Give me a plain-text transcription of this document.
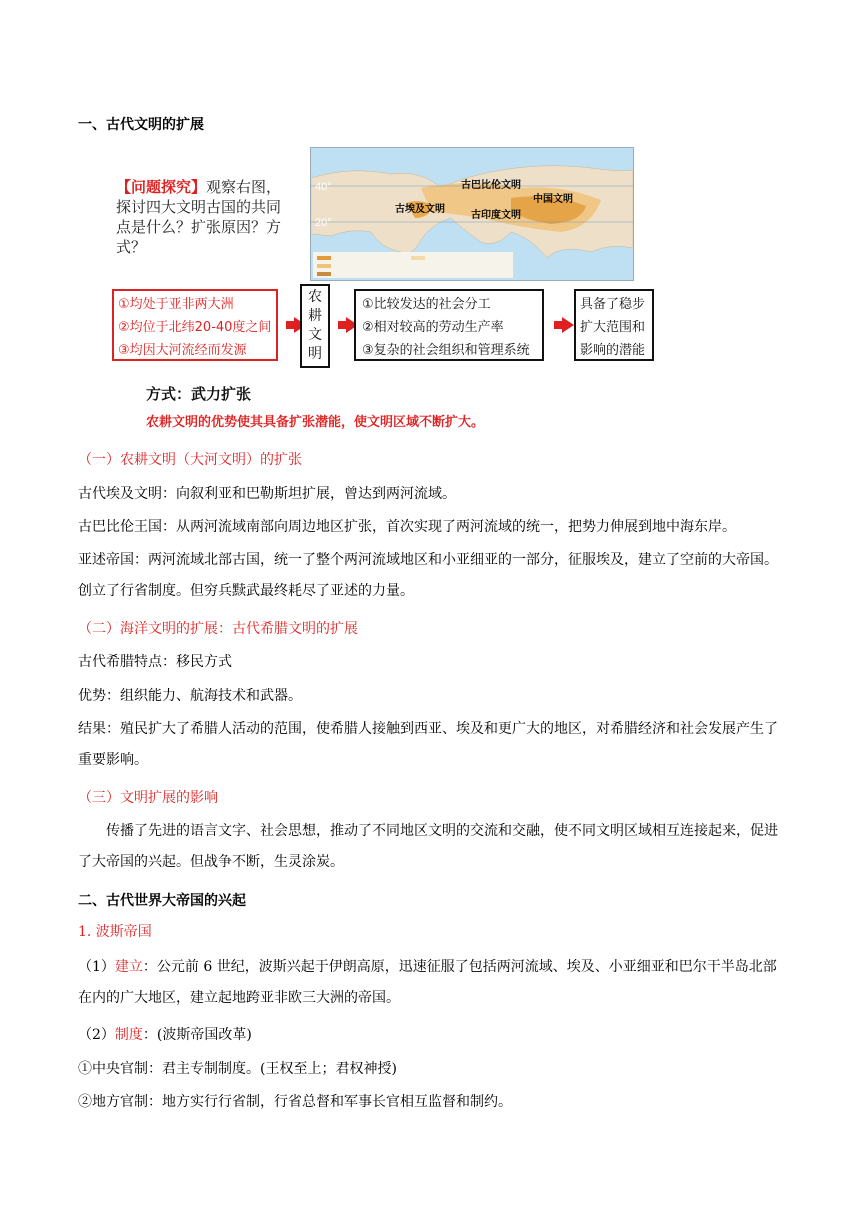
一、古代文明的扩展
【问题探究】观察右图，探讨四大文明古国的共同点是什么？扩张原因？方式？
40°
20°
古巴比伦文明
古埃及文明
古印度文明
中国文明
①均处于亚非两大洲
②均位于北纬20-40度之间
③均因大河流经而发源
农耕文明
①比较发达的社会分工
②相对较高的劳动生产率
③复杂的社会组织和管理系统
具备了稳步扩大范围和影响的潜能
方式：武力扩张
农耕文明的优势使其具备扩张潜能，使文明区域不断扩大。
（一）农耕文明（大河文明）的扩张
古代埃及文明：向叙利亚和巴勒斯坦扩展，曾达到两河流域。
古巴比伦王国：从两河流域南部向周边地区扩张，首次实现了两河流域的统一，把势力伸展到地中海东岸。
亚述帝国：两河流域北部古国，统一了整个两河流域地区和小亚细亚的一部分，征服埃及，建立了空前的大帝国。创立了行省制度。但穷兵黩武最终耗尽了亚述的力量。
（二）海洋文明的扩展：古代希腊文明的扩展
古代希腊特点：移民方式
优势：组织能力、航海技术和武器。
结果：殖民扩大了希腊人活动的范围，使希腊人接触到西亚、埃及和更广大的地区，对希腊经济和社会发展产生了重要影响。
（三）文明扩展的影响
传播了先进的语言文字、社会思想，推动了不同地区文明的交流和交融，使不同文明区域相互连接起来，促进了大帝国的兴起。但战争不断，生灵涂炭。
二、古代世界大帝国的兴起
1. 波斯帝国
（1）建立：公元前 6 世纪，波斯兴起于伊朗高原，迅速征服了包括两河流域、埃及、小亚细亚和巴尔干半岛北部在内的广大地区，建立起地跨亚非欧三大洲的帝国。
（2）制度：(波斯帝国改革)
①中央官制：君主专制制度。(王权至上；君权神授)
②地方官制：地方实行行省制，行省总督和军事长官相互监督和制约。
